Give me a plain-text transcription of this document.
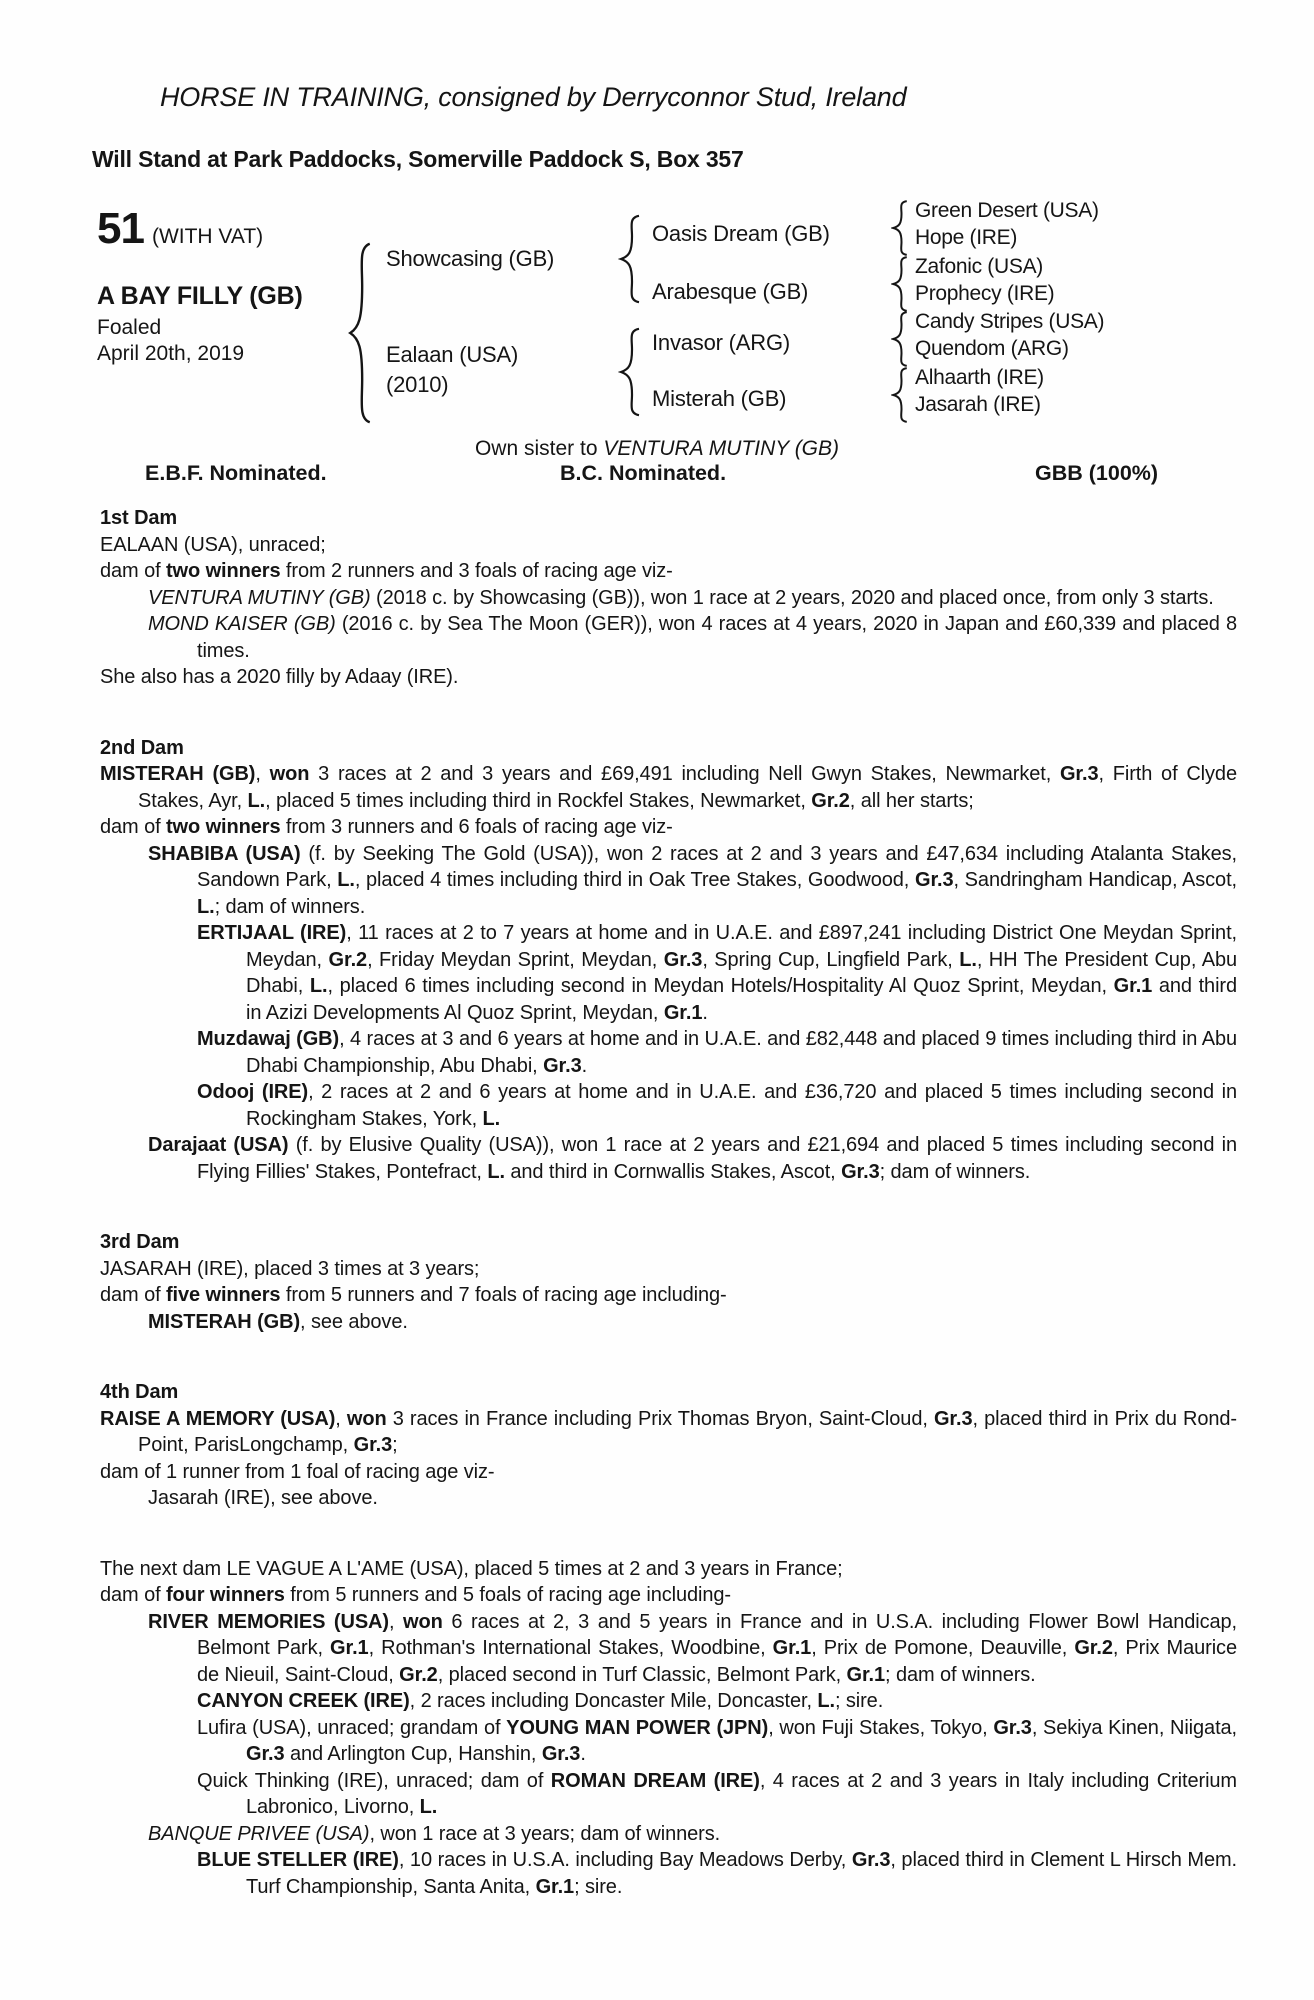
HORSE IN TRAINING, consigned by Derryconnor Stud, Ireland
Will Stand at Park Paddocks, Somerville Paddock S, Box 357
51 (WITH VAT)
A BAY FILLY (GB)
Foaled
April 20th, 2019
Showcasing (GB)
Ealaan (USA)
(2010)
Oasis Dream (GB)
Arabesque (GB)
Invasor (ARG)
Misterah (GB)
Green Desert (USA)
Hope (IRE)
Zafonic (USA)
Prophecy (IRE)
Candy Stripes (USA)
Quendom (ARG)
Alhaarth (IRE)
Jasarah (IRE)
Own sister to VENTURA MUTINY (GB)
E.B.F. Nominated.	B.C. Nominated.	GBB (100%)
1st Dam
EALAAN (USA), unraced;
dam of two winners from 2 runners and 3 foals of racing age viz-
VENTURA MUTINY (GB) (2018 c. by Showcasing (GB)), won 1 race at 2 years, 2020 and placed once, from only 3 starts.
MOND KAISER (GB) (2016 c. by Sea The Moon (GER)), won 4 races at 4 years, 2020 in Japan and £60,339 and placed 8 times.
She also has a 2020 filly by Adaay (IRE).
2nd Dam
MISTERAH (GB), won 3 races at 2 and 3 years and £69,491 including Nell Gwyn Stakes, Newmarket, Gr.3, Firth of Clyde Stakes, Ayr, L., placed 5 times including third in Rockfel Stakes, Newmarket, Gr.2, all her starts;
dam of two winners from 3 runners and 6 foals of racing age viz-
SHABIBA (USA) (f. by Seeking The Gold (USA)), won 2 races at 2 and 3 years and £47,634 including Atalanta Stakes, Sandown Park, L., placed 4 times including third in Oak Tree Stakes, Goodwood, Gr.3, Sandringham Handicap, Ascot, L.; dam of winners.
ERTIJAAL (IRE), 11 races at 2 to 7 years at home and in U.A.E. and £897,241 including District One Meydan Sprint, Meydan, Gr.2, Friday Meydan Sprint, Meydan, Gr.3, Spring Cup, Lingfield Park, L., HH The President Cup, Abu Dhabi, L., placed 6 times including second in Meydan Hotels/Hospitality Al Quoz Sprint, Meydan, Gr.1 and third in Azizi Developments Al Quoz Sprint, Meydan, Gr.1.
Muzdawaj (GB), 4 races at 3 and 6 years at home and in U.A.E. and £82,448 and placed 9 times including third in Abu Dhabi Championship, Abu Dhabi, Gr.3.
Odooj (IRE), 2 races at 2 and 6 years at home and in U.A.E. and £36,720 and placed 5 times including second in Rockingham Stakes, York, L.
Darajaat (USA) (f. by Elusive Quality (USA)), won 1 race at 2 years and £21,694 and placed 5 times including second in Flying Fillies' Stakes, Pontefract, L. and third in Cornwallis Stakes, Ascot, Gr.3; dam of winners.
3rd Dam
JASARAH (IRE), placed 3 times at 3 years;
dam of five winners from 5 runners and 7 foals of racing age including-
MISTERAH (GB), see above.
4th Dam
RAISE A MEMORY (USA), won 3 races in France including Prix Thomas Bryon, Saint-Cloud, Gr.3, placed third in Prix du Rond-Point, ParisLongchamp, Gr.3;
dam of 1 runner from 1 foal of racing age viz-
Jasarah (IRE), see above.
The next dam LE VAGUE A L'AME (USA), placed 5 times at 2 and 3 years in France;
dam of four winners from 5 runners and 5 foals of racing age including-
RIVER MEMORIES (USA), won 6 races at 2, 3 and 5 years in France and in U.S.A. including Flower Bowl Handicap, Belmont Park, Gr.1, Rothman's International Stakes, Woodbine, Gr.1, Prix de Pomone, Deauville, Gr.2, Prix Maurice de Nieuil, Saint-Cloud, Gr.2, placed second in Turf Classic, Belmont Park, Gr.1; dam of winners.
CANYON CREEK (IRE), 2 races including Doncaster Mile, Doncaster, L.; sire.
Lufira (USA), unraced; grandam of YOUNG MAN POWER (JPN), won Fuji Stakes, Tokyo, Gr.3, Sekiya Kinen, Niigata, Gr.3 and Arlington Cup, Hanshin, Gr.3.
Quick Thinking (IRE), unraced; dam of ROMAN DREAM (IRE), 4 races at 2 and 3 years in Italy including Criterium Labronico, Livorno, L.
BANQUE PRIVEE (USA), won 1 race at 3 years; dam of winners.
BLUE STELLER (IRE), 10 races in U.S.A. including Bay Meadows Derby, Gr.3, placed third in Clement L Hirsch Mem. Turf Championship, Santa Anita, Gr.1; sire.
